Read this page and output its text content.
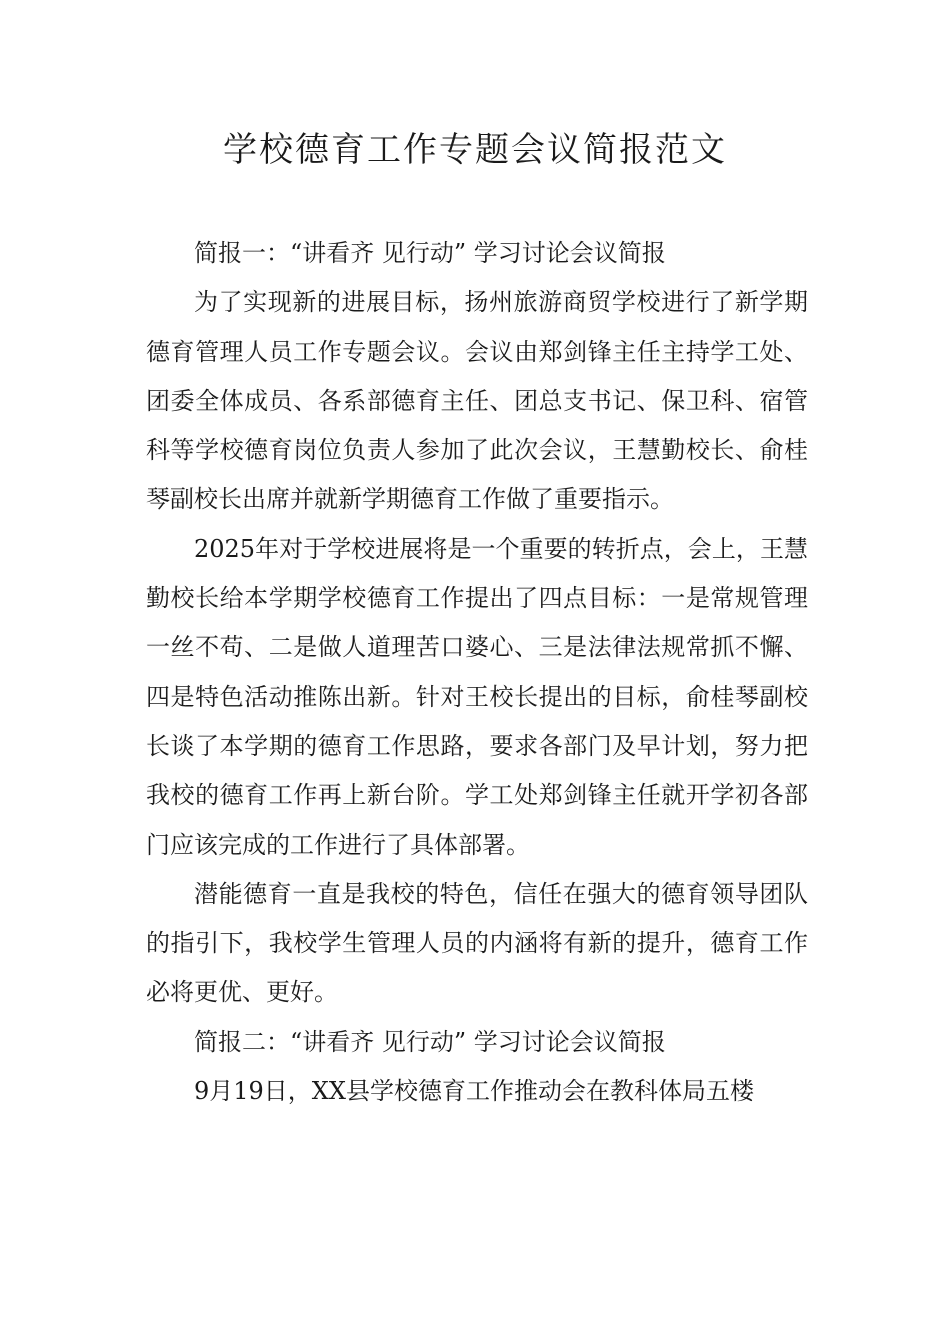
学校德育工作专题会议简报范文

简报一：“讲看齐 见行动” 学习讨论会议简报

为了实现新的进展目标，扬州旅游商贸学校进行了新学期德育管理人员工作专题会议。会议由郑剑锋主任主持学工处、团委全体成员、各系部德育主任、团总支书记、保卫科、宿管科等学校德育岗位负责人参加了此次会议，王慧勤校长、俞桂琴副校长出席并就新学期德育工作做了重要指示。

2025年对于学校进展将是一个重要的转折点，会上，王慧勤校长给本学期学校德育工作提出了四点目标：一是常规管理一丝不苟、二是做人道理苦口婆心、三是法律法规常抓不懈、四是特色活动推陈出新。针对王校长提出的目标，俞桂琴副校长谈了本学期的德育工作思路，要求各部门及早计划，努力把我校的德育工作再上新台阶。学工处郑剑锋主任就开学初各部门应该完成的工作进行了具体部署。

潜能德育一直是我校的特色，信任在强大的德育领导团队的指引下，我校学生管理人员的内涵将有新的提升，德育工作必将更优、更好。

简报二：“讲看齐 见行动” 学习讨论会议简报

9月19日，XX县学校德育工作推动会在教科体局五楼
